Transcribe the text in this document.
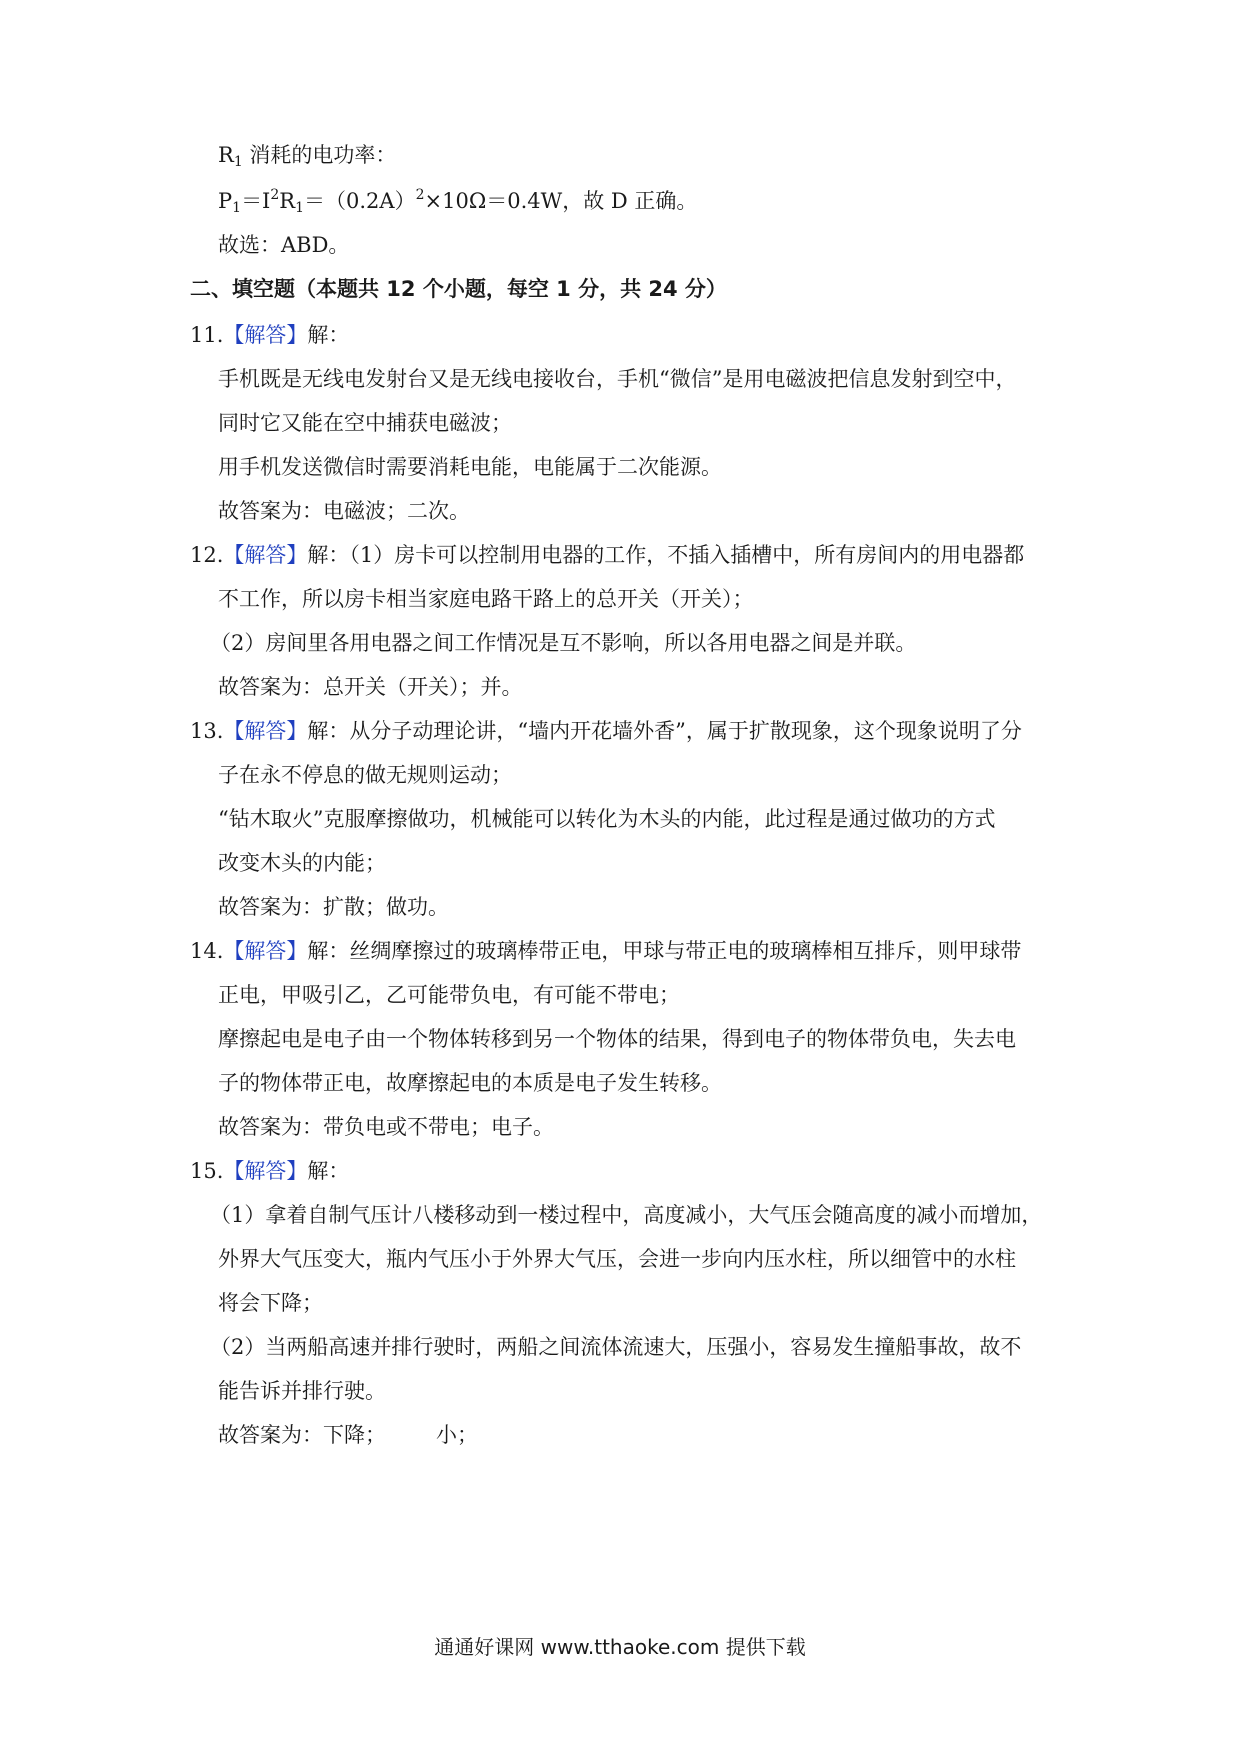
$R_1$ 消耗的电功率：
$P_1=I^2R_1=(0.2A)^2\times 10\Omega=0.4W$，故 D 正确。
故选：ABD。
二、填空题（本题共 12 个小题，每空 1 分，共 24 分）
11.【解答】解：
手机既是无线电发射台又是无线电接收台，手机“微信”是用电磁波把信息发射到空中，
同时它又能在空中捕获电磁波；
用手机发送微信时需要消耗电能，电能属于二次能源。
故答案为：电磁波；二次。
12.【解答】解：（1）房卡可以控制用电器的工作，不插入插槽中，所有房间内的用电器都
不工作，所以房卡相当家庭电路干路上的总开关（开关）；
（2）房间里各用电器之间工作情况是互不影响，所以各用电器之间是并联。
故答案为：总开关（开关）；并。
13.【解答】解：从分子动理论讲，“墙内开花墙外香”，属于扩散现象，这个现象说明了分
子在永不停息的做无规则运动；
“钻木取火”克服摩擦做功，机械能可以转化为木头的内能，此过程是通过做功的方式
改变木头的内能；
故答案为：扩散；做功。
14.【解答】解：丝绸摩擦过的玻璃棒带正电，甲球与带正电的玻璃棒相互排斥，则甲球带
正电，甲吸引乙，乙可能带负电，有可能不带电；
摩擦起电是电子由一个物体转移到另一个物体的结果，得到电子的物体带负电，失去电
子的物体带正电，故摩擦起电的本质是电子发生转移。
故答案为：带负电或不带电；电子。
15.【解答】解：
（1）拿着自制气压计八楼移动到一楼过程中，高度减小，大气压会随高度的减小而增加，
外界大气压变大，瓶内气压小于外界大气压，会进一步向内压水柱，所以细管中的水柱
将会下降；
（2）当两船高速并排行驶时，两船之间流体流速大，压强小，容易发生撞船事故，故不
能告诉并排行驶。
故答案为：下降； 小；
通通好课网 www.tthaoke.com 提供下载
